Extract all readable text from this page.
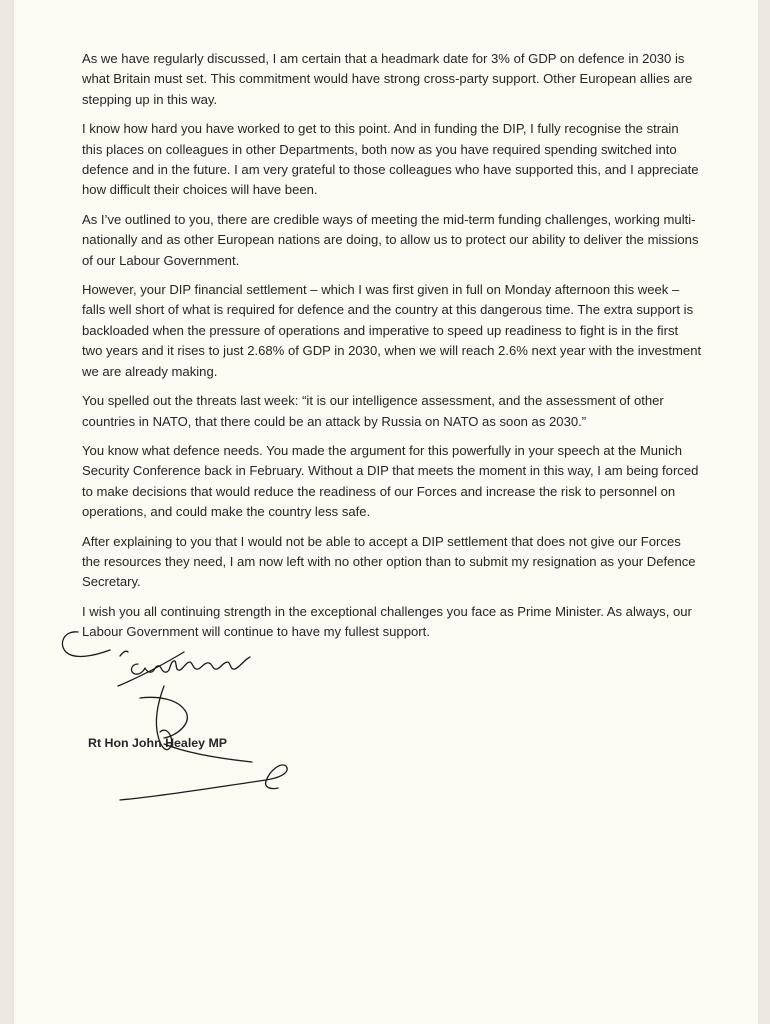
As we have regularly discussed, I am certain that a headmark date for 3% of GDP on defence in 2030 is what Britain must set. This commitment would have strong cross-party support. Other European allies are stepping up in this way.

I know how hard you have worked to get to this point. And in funding the DIP, I fully recognise the strain this places on colleagues in other Departments, both now as you have required spending switched into defence and in the future. I am very grateful to those colleagues who have supported this, and I appreciate how difficult their choices will have been.

As I’ve outlined to you, there are credible ways of meeting the mid-term funding challenges, working multi-nationally and as other European nations are doing, to allow us to protect our ability to deliver the missions of our Labour Government.

However, your DIP financial settlement – which I was first given in full on Monday afternoon this week – falls well short of what is required for defence and the country at this dangerous time. The extra support is backloaded when the pressure of operations and imperative to speed up readiness to fight is in the first two years and it rises to just 2.68% of GDP in 2030, when we will reach 2.6% next year with the investment we are already making.

You spelled out the threats last week: “it is our intelligence assessment, and the assessment of other countries in NATO, that there could be an attack by Russia on NATO as soon as 2030.”

You know what defence needs. You made the argument for this powerfully in your speech at the Munich Security Conference back in February. Without a DIP that meets the moment in this way, I am being forced to make decisions that would reduce the readiness of our Forces and increase the risk to personnel on operations, and could make the country less safe.

After explaining to you that I would not be able to accept a DIP settlement that does not give our Forces the resources they need, I am now left with no other option than to submit my resignation as your Defence Secretary.

I wish you all continuing strength in the exceptional challenges you face as Prime Minister. As always, our Labour Government will continue to have my fullest support.

Rt Hon John Healey MP
